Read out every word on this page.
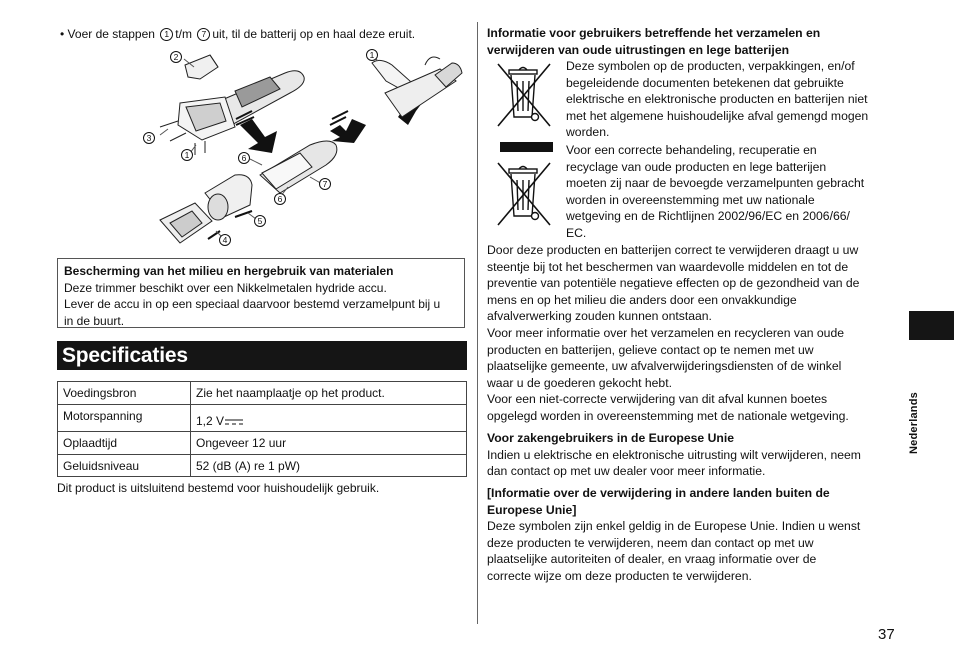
• Voer de stappen 1 t/m 7 uit, til de batterij op en haal deze eruit.
2
1
3
1
6
6
7
5
4
Bescherming van het milieu en hergebruik van materialen
Deze trimmer beschikt over een Nikkelmetalen hydride accu.
Lever de accu in op een speciaal daarvoor bestemd verzamelpunt bij u
in de buurt.
Specificaties
Voedingsbron	Zie het naamplaatje op het product.
Motorspanning	1,2 V
Oplaadtijd	Ongeveer 12 uur
Geluidsniveau	52 (dB (A) re 1 pW)
Dit product is uitsluitend bestemd voor huishoudelijk gebruik.
Informatie voor gebruikers betreffende het verzamelen en
verwijderen van oude uitrustingen en lege batterijen
Deze symbolen op de producten, verpakkingen, en/of
begeleidende documenten betekenen dat gebruikte
elektrische en elektronische producten en batterijen niet
met het algemene huishoudelijke afval gemengd mogen
worden.
Voor een correcte behandeling, recuperatie en
recyclage van oude producten en lege batterijen
moeten zij naar de bevoegde verzamelpunten gebracht
worden in overeenstemming met uw nationale
wetgeving en de Richtlijnen 2002/96/EC en 2006/66/
EC.
Door deze producten en batterijen correct te verwijderen draagt u uw
steentje bij tot het beschermen van waardevolle middelen en tot de
preventie van potentiële negatieve effecten op de gezondheid van de
mens en op het milieu die anders door een onvakkundige
afvalverwerking zouden kunnen ontstaan.
Voor meer informatie over het verzamelen en recycleren van oude
producten en batterijen, gelieve contact op te nemen met uw
plaatselijke gemeente, uw afvalverwijderingsdiensten of de winkel
waar u de goederen gekocht hebt.
Voor een niet-correcte verwijdering van dit afval kunnen boetes
opgelegd worden in overeenstemming met de nationale wetgeving.
Voor zakengebruikers in de Europese Unie
Indien u elektrische en elektronische uitrusting wilt verwijderen, neem
dan contact op met uw dealer voor meer informatie.
[Informatie over de verwijdering in andere landen buiten de
Europese Unie]
Deze symbolen zijn enkel geldig in de Europese Unie. Indien u wenst
deze producten te verwijderen, neem dan contact op met uw
plaatselijke autoriteiten of dealer, en vraag informatie over de
correcte wijze om deze producten te verwijderen.
Nederlands
37
